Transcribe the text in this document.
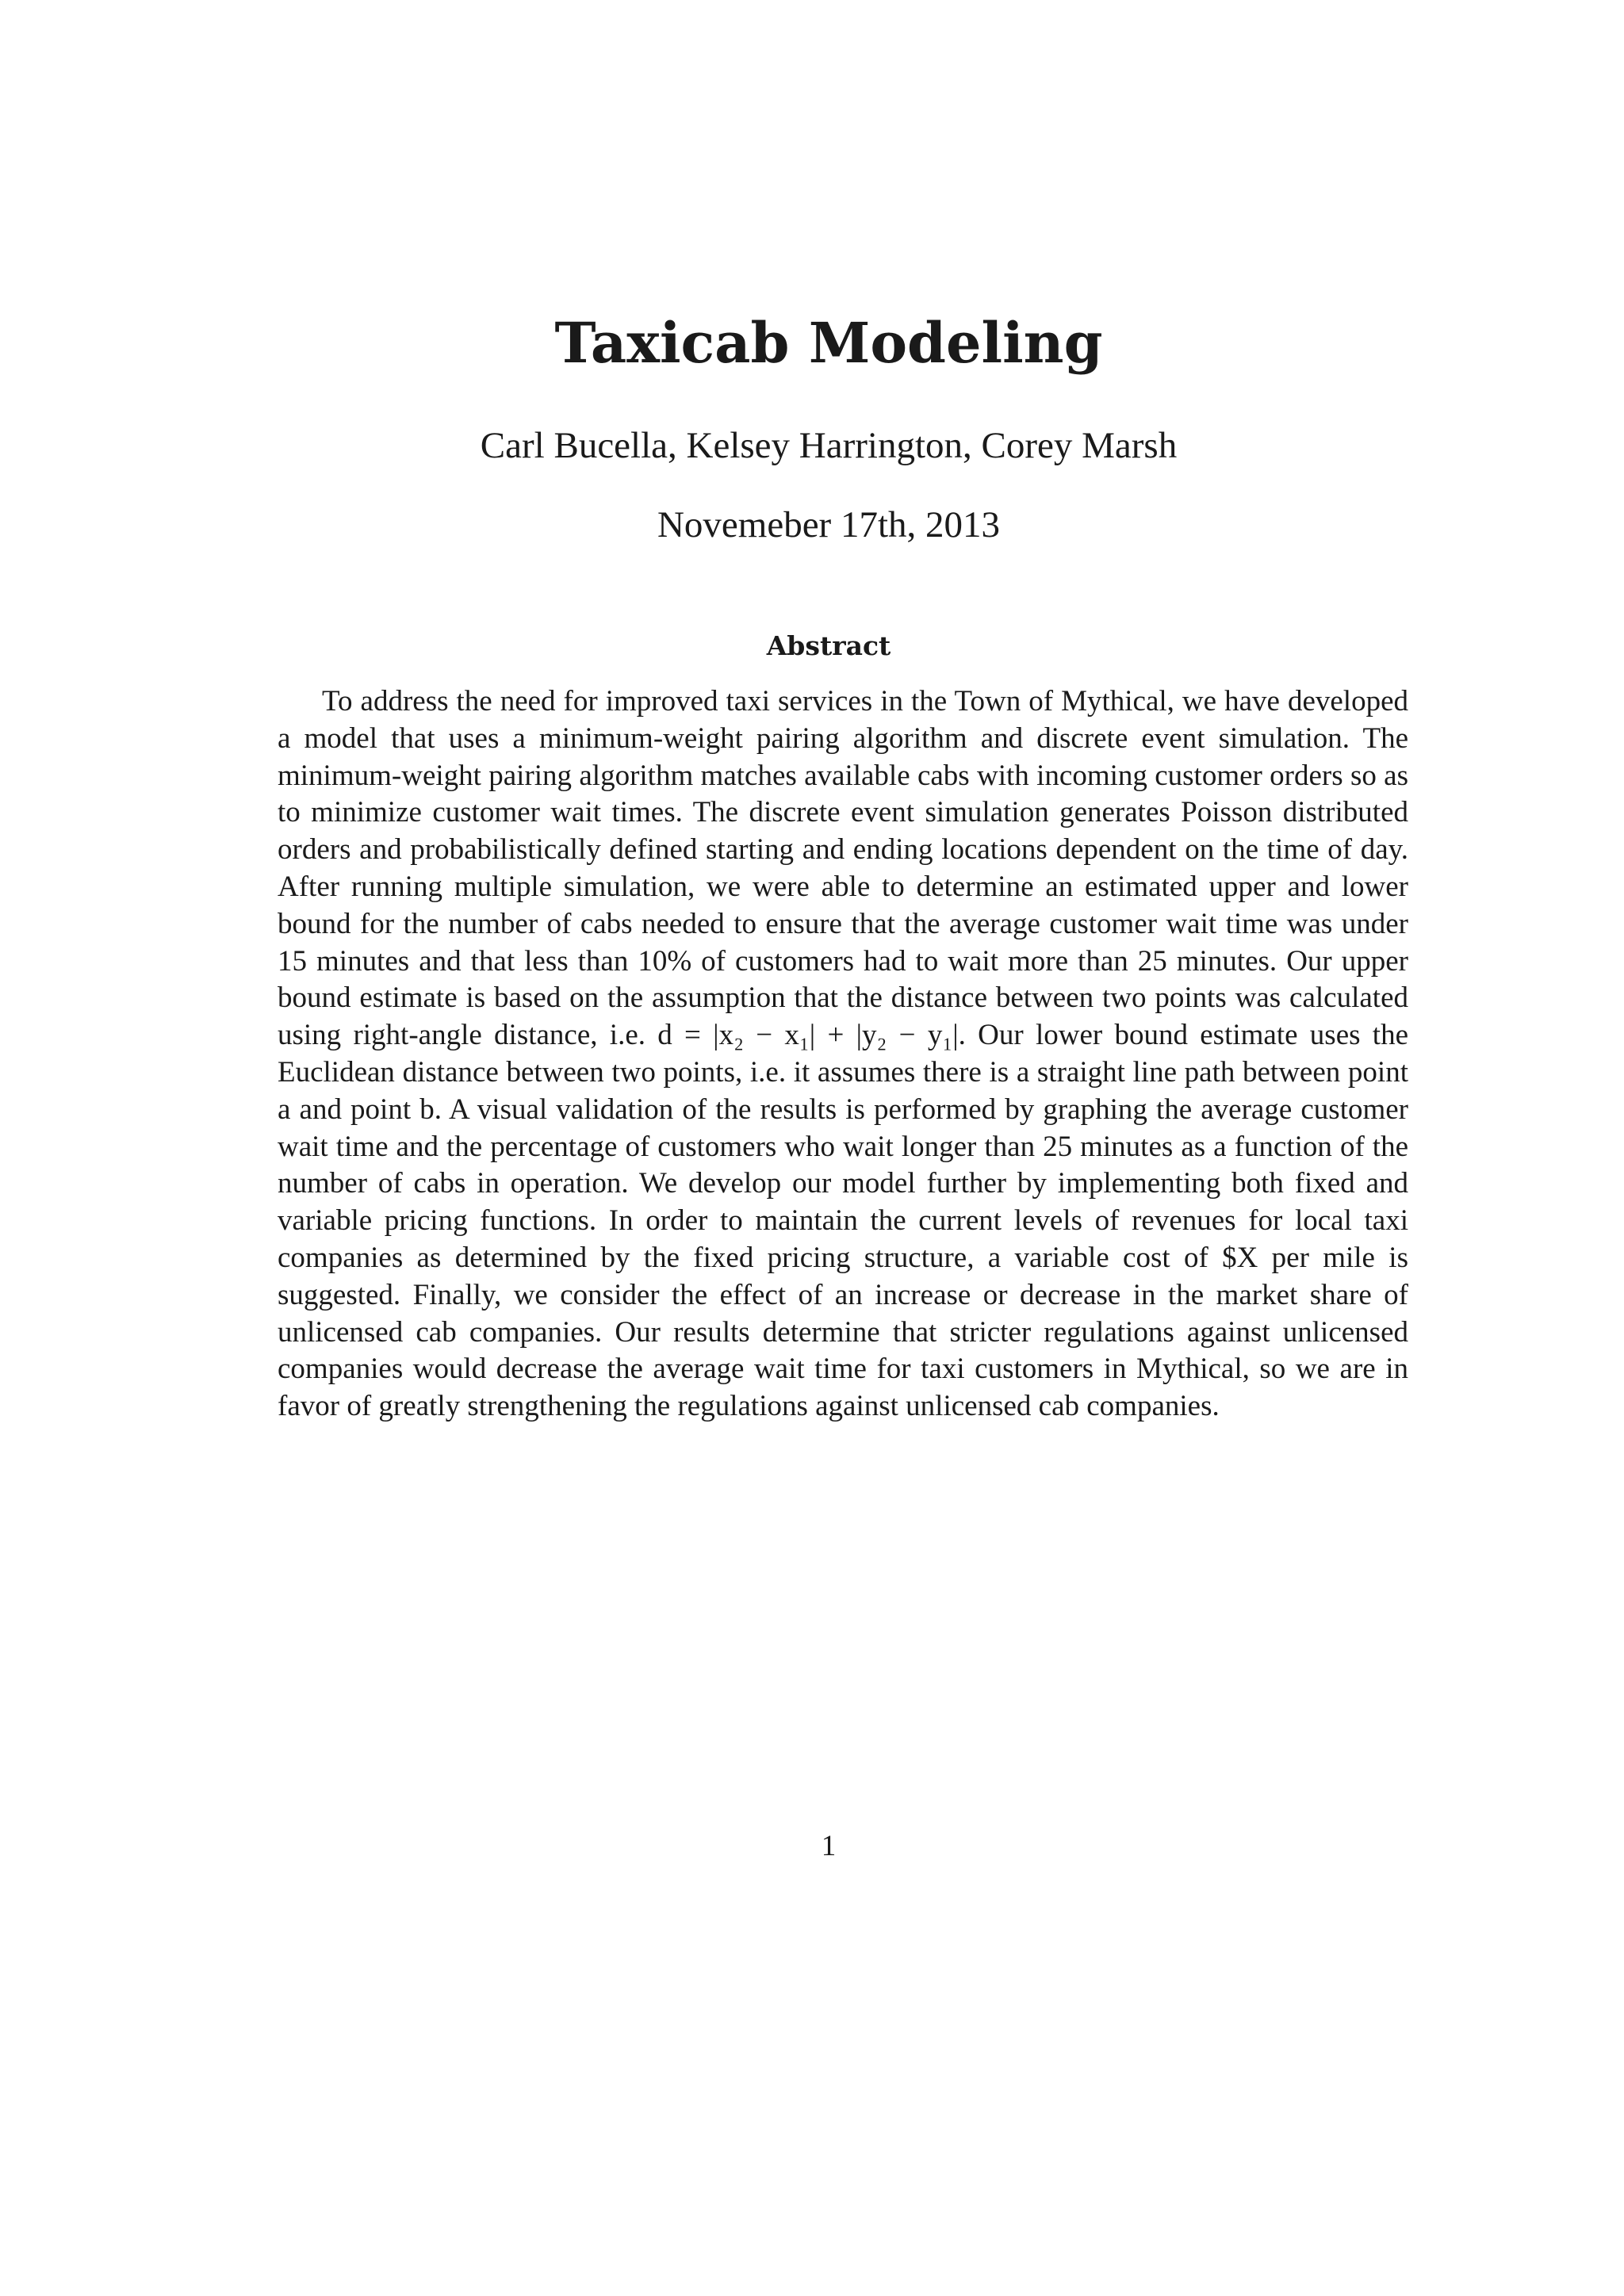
Taxicab Modeling
Carl Bucella, Kelsey Harrington, Corey Marsh
Novemeber 17th, 2013
Abstract

To address the need for improved taxi services in the Town of Mythical, we have developed a model that uses a minimum-weight pairing algorithm and discrete event simulation. The minimum-weight pairing algorithm matches available cabs with incoming customer orders so as to minimize customer wait times. The discrete event simulation generates Poisson distributed orders and probabilistically defined starting and ending locations dependent on the time of day. After running multiple simulation, we were able to determine an estimated upper and lower bound for the number of cabs needed to ensure that the average customer wait time was under 15 minutes and that less than 10% of customers had to wait more than 25 minutes. Our upper bound estimate is based on the assumption that the distance between two points was calculated using right-angle distance, i.e. d = |x₂ − x₁| + |y₂ − y₁|. Our lower bound estimate uses the Euclidean distance between two points, i.e. it assumes there is a straight line path between point a and point b. A visual validation of the results is performed by graphing the average customer wait time and the percentage of customers who wait longer than 25 minutes as a function of the number of cabs in operation. We develop our model further by implementing both fixed and variable pricing functions. In order to maintain the current levels of revenues for local taxi companies as determined by the fixed pricing structure, a variable cost of $X per mile is suggested. Finally, we consider the effect of an increase or decrease in the market share of unlicensed cab companies. Our results determine that stricter regulations against unlicensed companies would decrease the average wait time for taxi customers in Mythical, so we are in favor of greatly strengthening the regulations against unlicensed cab companies.

1
